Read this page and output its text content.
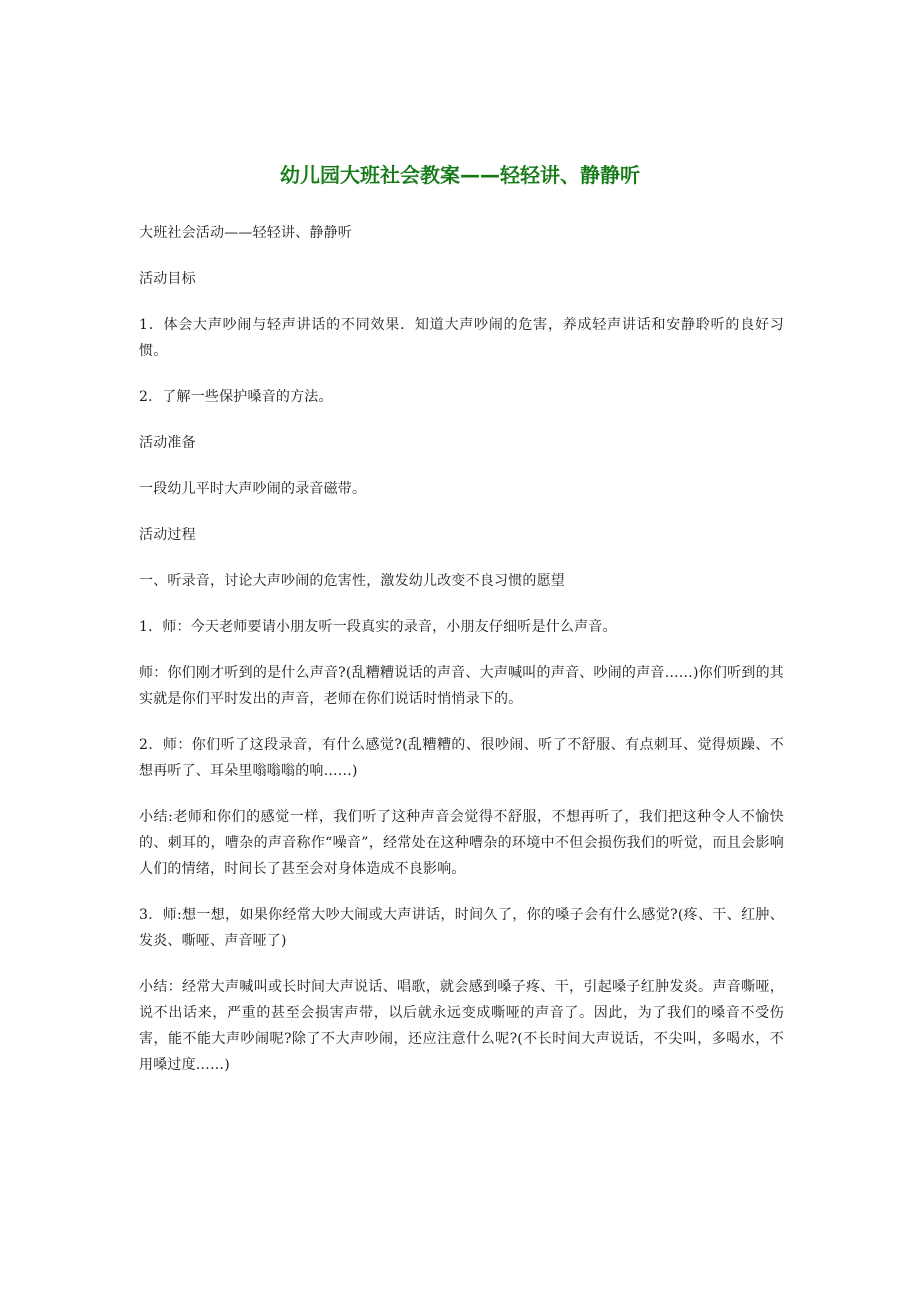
幼儿园大班社会教案——轻轻讲、静静听

大班社会活动——轻轻讲、静静听

活动目标

1．体会大声吵闹与轻声讲话的不同效果．知道大声吵闹的危害，养成轻声讲话和安静聆听的良好习惯。

2．了解一些保护嗓音的方法。

活动准备

一段幼儿平时大声吵闹的录音磁带。

活动过程

一、听录音，讨论大声吵闹的危害性，激发幼儿改变不良习惯的愿望

1．师：今天老师要请小朋友听一段真实的录音，小朋友仔细听是什么声音。

师：你们刚才听到的是什么声音?(乱糟糟说话的声音、大声喊叫的声音、吵闹的声音……)你们听到的其实就是你们平时发出的声音，老师在你们说话时悄悄录下的。

2．师：你们听了这段录音，有什么感觉?(乱糟糟的、很吵闹、听了不舒服、有点刺耳、觉得烦躁、不想再听了、耳朵里嗡嗡嗡的响……)

小结:老师和你们的感觉一样，我们听了这种声音会觉得不舒服，不想再听了，我们把这种令人不愉快的、刺耳的，嘈杂的声音称作“噪音”，经常处在这种嘈杂的环境中不但会损伤我们的听觉，而且会影响人们的情绪，时间长了甚至会对身体造成不良影响。

3．师:想一想，如果你经常大吵大闹或大声讲话，时间久了，你的嗓子会有什么感觉?(疼、干、红肿、发炎、嘶哑、声音哑了)

小结：经常大声喊叫或长时间大声说话、唱歌，就会感到嗓子疼、干，引起嗓子红肿发炎。声音嘶哑，说不出话来，严重的甚至会损害声带，以后就永远变成嘶哑的声音了。因此，为了我们的嗓音不受伤害，能不能大声吵闹呢?除了不大声吵闹，还应注意什么呢?(不长时间大声说话，不尖叫，多喝水，不用嗓过度……)
